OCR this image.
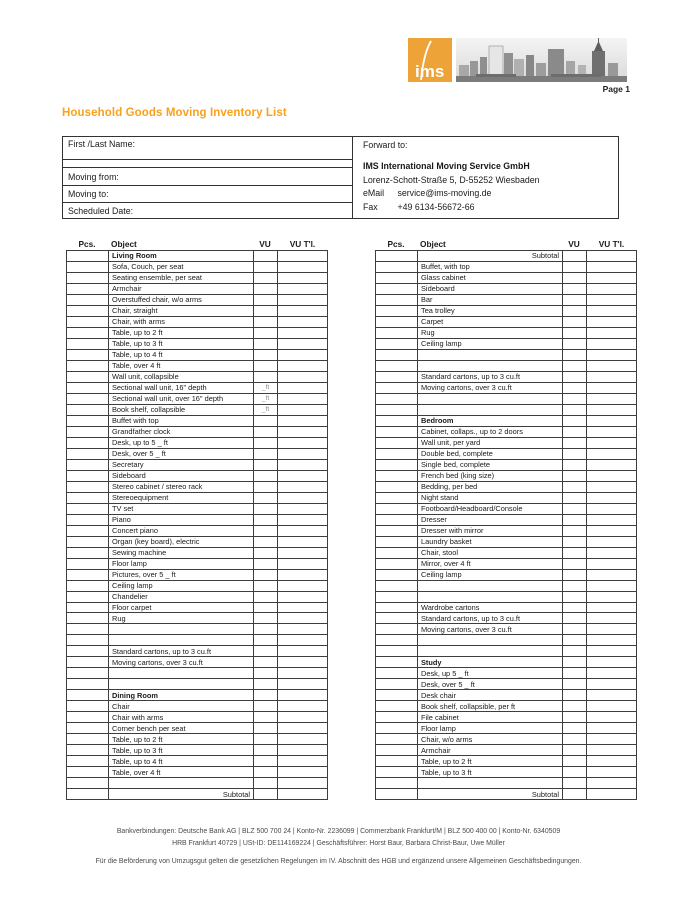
ims
Page 1
Household Goods Moving Inventory List
First /Last Name:
Moving from:
Moving to:
Scheduled Date:
Forward to:
IMS International Moving Service GmbH
Lorenz-Schott-Straße 5, D-55252 Wiesbaden
eMail service@ims-moving.de
Fax +49 6134-56672-66
Pcs.	Object	VU	VU T'l.
Living Room
Sofa, Couch, per seat
Seating ensemble, per seat
Armchair
Overstuffed chair, w/o arms
Chair, straight
Chair, with arms
Table, up to 2 ft
Table, up to 3 ft
Table, up to 4 ft
Table, over 4 ft
Wall unit, collapsible
Sectional wall unit, 16" depth	_ft
Sectional wall unit, over 16" depth	_ft
Book shelf, collapsible	_ft
Buffet with top
Grandfather clock
Desk, up to 5 _ ft
Desk, over 5 _ ft
Secretary
Sideboard
Stereo cabinet / stereo rack
Stereoequipment
TV set
Piano
Concert piano
Organ (key board), electric
Sewing machine
Floor lamp
Pictures, over 5 _ ft
Ceiling lamp
Chandelier
Floor carpet
Rug
Standard cartons, up to 3 cu.ft
Moving cartons, over 3 cu.ft
Dining Room
Chair
Chair with arms
Corner bench per seat
Table, up to 2 ft
Table, up to 3 ft
Table, up to 4 ft
Table, over 4 ft
Subtotal
Pcs.	Object	VU	VU T'l.
Subtotal
Buffet, with top
Glass cabinet
Sideboard
Bar
Tea trolley
Carpet
Rug
Ceiling lamp
Standard cartons, up to 3 cu.ft
Moving cartons, over 3 cu.ft
Bedroom
Cabinet, collaps., up to 2 doors
Wall unit, per yard
Double bed, complete
Single bed, complete
French bed (king size)
Bedding, per bed
Night stand
Footboard/Headboard/Console
Dresser
Dresser with mirror
Laundry basket
Chair, stool
Mirror, over 4 ft
Ceiling lamp
Wardrobe cartons
Standard cartons, up to 3 cu.ft
Moving cartons, over 3 cu.ft
Study
Desk, up 5 _ ft
Desk, over 5 _ ft
Desk chair
Book shelf, collapsible, per ft
File cabinet
Floor lamp
Chair, w/o arms
Armchair
Table, up to 2 ft
Table, up to 3 ft
Subtotal
Bankverbindungen: Deutsche Bank AG | BLZ 500 700 24 | Konto-Nr. 2236099 | Commerzbank Frankfurt/M | BLZ 500 400 00 | Konto-Nr. 6340509
HRB Frankfurt 40729 | USt-ID: DE114169224 | Geschäftsführer: Horst Baur, Barbara Christ-Baur, Uwe Müller
Für die Beförderung von Umzugsgut gelten die gesetzlichen Regelungen im IV. Abschnitt des HGB und ergänzend unsere Allgemeinen Geschäftsbedingungen.
